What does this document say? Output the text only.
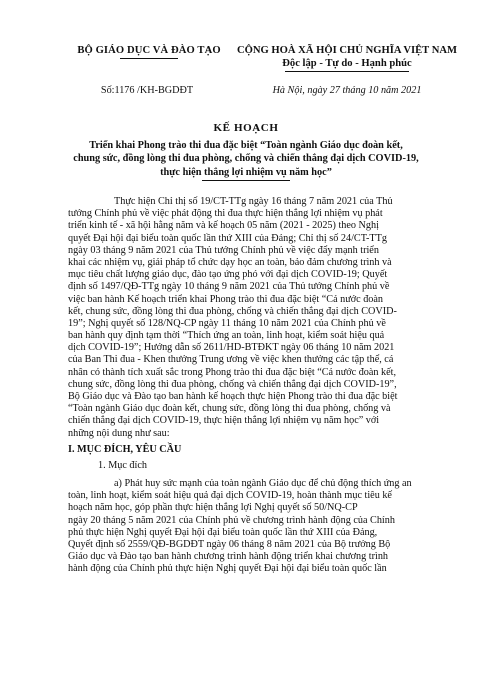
BỘ GIÁO DỤC VÀ ĐÀO TẠO	CỘNG HOÀ XÃ HỘI CHỦ NGHĨA VIỆT NAM
Độc lập - Tự do - Hạnh phúc
Số:1176 /KH-BGDĐT	Hà Nội, ngày 27 tháng 10 năm 2021
KẾ HOẠCH
Triển khai Phong trào thi đua đặc biệt “Toàn ngành Giáo dục đoàn kết,
chung sức, đồng lòng thi đua phòng, chống và chiến thắng đại dịch COVID-19,
thực hiện thắng lợi nhiệm vụ năm học”
Thực hiện Chỉ thị số 19/CT-TTg ngày 16 tháng 7 năm 2021 của Thủ
tướng Chính phủ về việc phát động thi đua thực hiện thắng lợi nhiệm vụ phát
triển kinh tế - xã hội hằng năm và kế hoạch 05 năm (2021 - 2025) theo Nghị
quyết Đại hội đại biểu toàn quốc lần thứ XIII của Đảng; Chỉ thị số 24/CT-TTg
ngày 03 tháng 9 năm 2021 của Thủ tướng Chính phủ về việc đẩy mạnh triển
khai các nhiệm vụ, giải pháp tổ chức dạy học an toàn, bảo đảm chương trình và
mục tiêu chất lượng giáo dục, đào tạo ứng phó với đại dịch COVID-19; Quyết
định số 1497/QĐ-TTg ngày 10 tháng 9 năm 2021 của Thủ tướng Chính phủ về
việc ban hành Kế hoạch triển khai Phong trào thi đua đặc biệt “Cả nước đoàn
kết, chung sức, đồng lòng thi đua phòng, chống và chiến thắng đại dịch COVID-
19”; Nghị quyết số 128/NQ-CP ngày 11 tháng 10 năm 2021 của Chính phủ về
ban hành quy định tạm thời “Thích ứng an toàn, linh hoạt, kiểm soát hiệu quả
dịch COVID-19”; Hướng dẫn số 2611/HD-BTĐKT ngày 06 tháng 10 năm 2021
của Ban Thi đua - Khen thưởng Trung ương về việc khen thưởng các tập thể, cá
nhân có thành tích xuất sắc trong Phong trào thi đua đặc biệt “Cả nước đoàn kết,
chung sức, đồng lòng thi đua phòng, chống và chiến thắng đại dịch COVID-19”,
Bộ Giáo dục và Đào tạo ban hành kế hoạch thực hiện Phong trào thi đua đặc biệt
“Toàn ngành Giáo dục đoàn kết, chung sức, đồng lòng thi đua phòng, chống và
chiến thắng đại dịch COVID-19, thực hiện thắng lợi nhiệm vụ năm học” với
những nội dung như sau:
I. MỤC ĐÍCH, YÊU CẦU
1. Mục đích
a) Phát huy sức mạnh của toàn ngành Giáo dục để chủ động thích ứng an
toàn, linh hoạt, kiểm soát hiệu quả đại dịch COVID-19, hoàn thành mục tiêu kế
hoạch năm học, góp phần thực hiện thắng lợi Nghị quyết số 50/NQ-CP
ngày 20 tháng 5 năm 2021 của Chính phủ về chương trình hành động của Chính
phủ thực hiện Nghị quyết Đại hội đại biểu toàn quốc lần thứ XIII của Đảng,
Quyết định số 2559/QĐ-BGDĐT ngày 06 tháng 8 năm 2021 của Bộ trưởng Bộ
Giáo dục và Đào tạo ban hành chương trình hành động triển khai chương trình
hành động của Chính phủ thực hiện Nghị quyết Đại hội đại biểu toàn quốc lần
